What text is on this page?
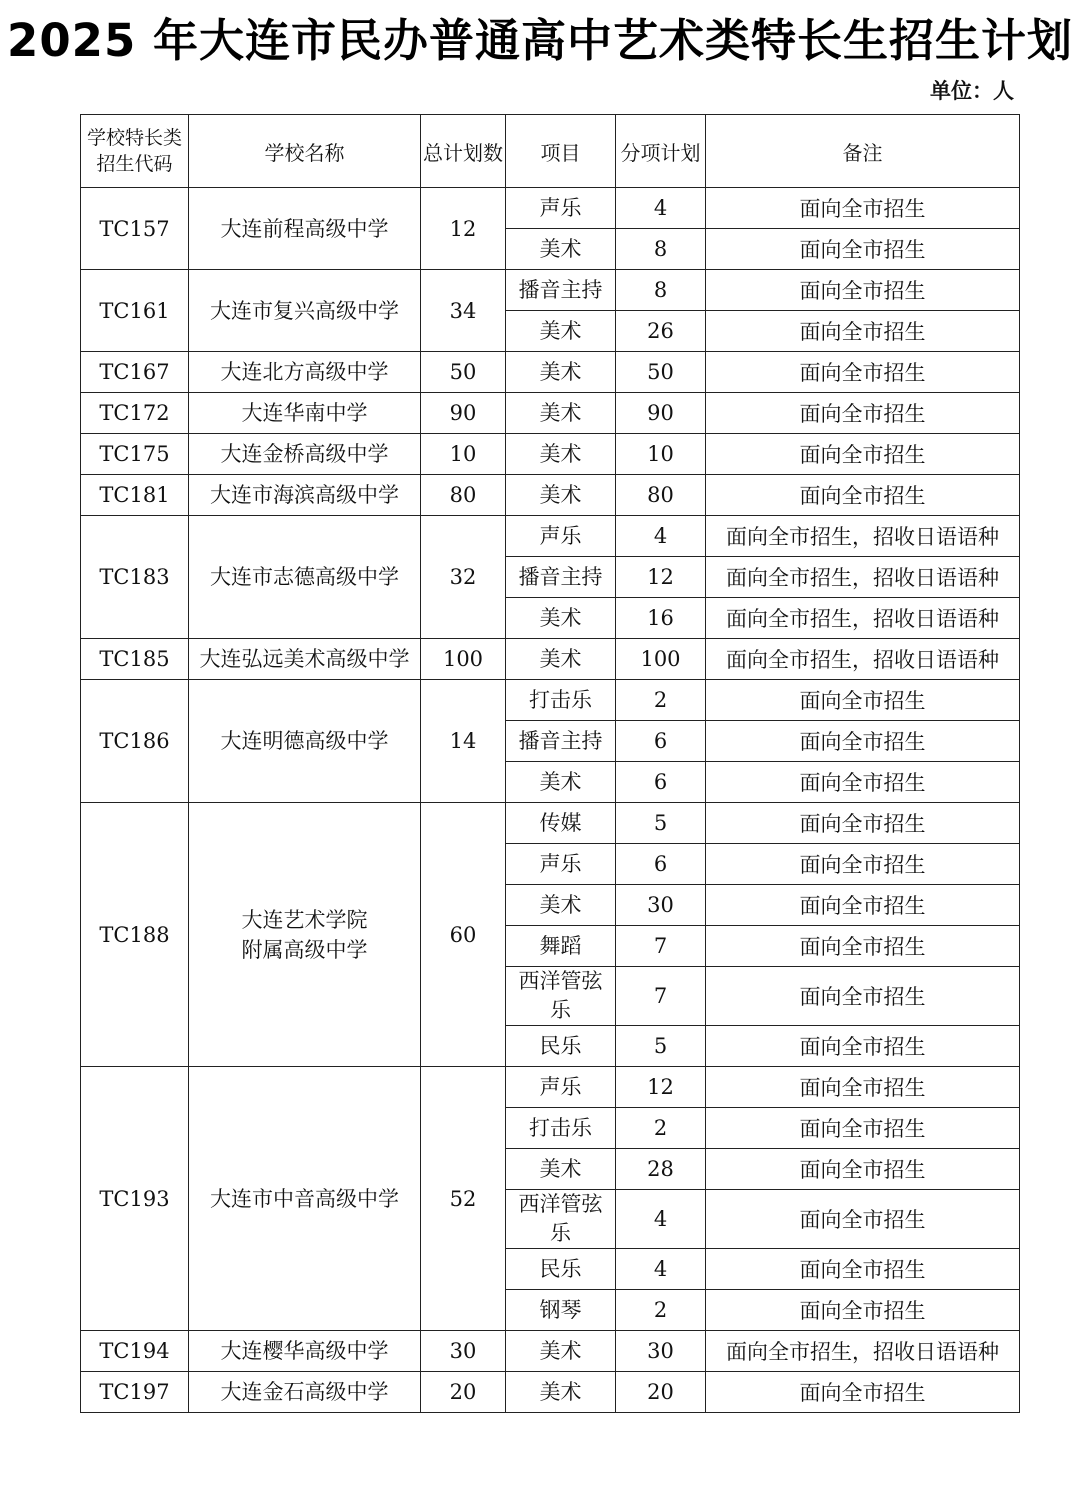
2025 年大连市民办普通高中艺术类特长生招生计划
单位：人
学校特长类招生代码	学校名称	总计划数	项目	分项计划	备注
TC157	大连前程高级中学	12	声乐	4	面向全市招生
			美术	8	面向全市招生
TC161	大连市复兴高级中学	34	播音主持	8	面向全市招生
			美术	26	面向全市招生
TC167	大连北方高级中学	50	美术	50	面向全市招生
TC172	大连华南中学	90	美术	90	面向全市招生
TC175	大连金桥高级中学	10	美术	10	面向全市招生
TC181	大连市海滨高级中学	80	美术	80	面向全市招生
TC183	大连市志德高级中学	32	声乐	4	面向全市招生，招收日语语种
			播音主持	12	面向全市招生，招收日语语种
			美术	16	面向全市招生，招收日语语种
TC185	大连弘远美术高级中学	100	美术	100	面向全市招生，招收日语语种
TC186	大连明德高级中学	14	打击乐	2	面向全市招生
			播音主持	6	面向全市招生
			美术	6	面向全市招生
TC188	大连艺术学院附属高级中学	60	传媒	5	面向全市招生
			声乐	6	面向全市招生
			美术	30	面向全市招生
			舞蹈	7	面向全市招生
			西洋管弦乐	7	面向全市招生
			民乐	5	面向全市招生
TC193	大连市中音高级中学	52	声乐	12	面向全市招生
			打击乐	2	面向全市招生
			美术	28	面向全市招生
			西洋管弦乐	4	面向全市招生
			民乐	4	面向全市招生
			钢琴	2	面向全市招生
TC194	大连樱华高级中学	30	美术	30	面向全市招生，招收日语语种
TC197	大连金石高级中学	20	美术	20	面向全市招生
